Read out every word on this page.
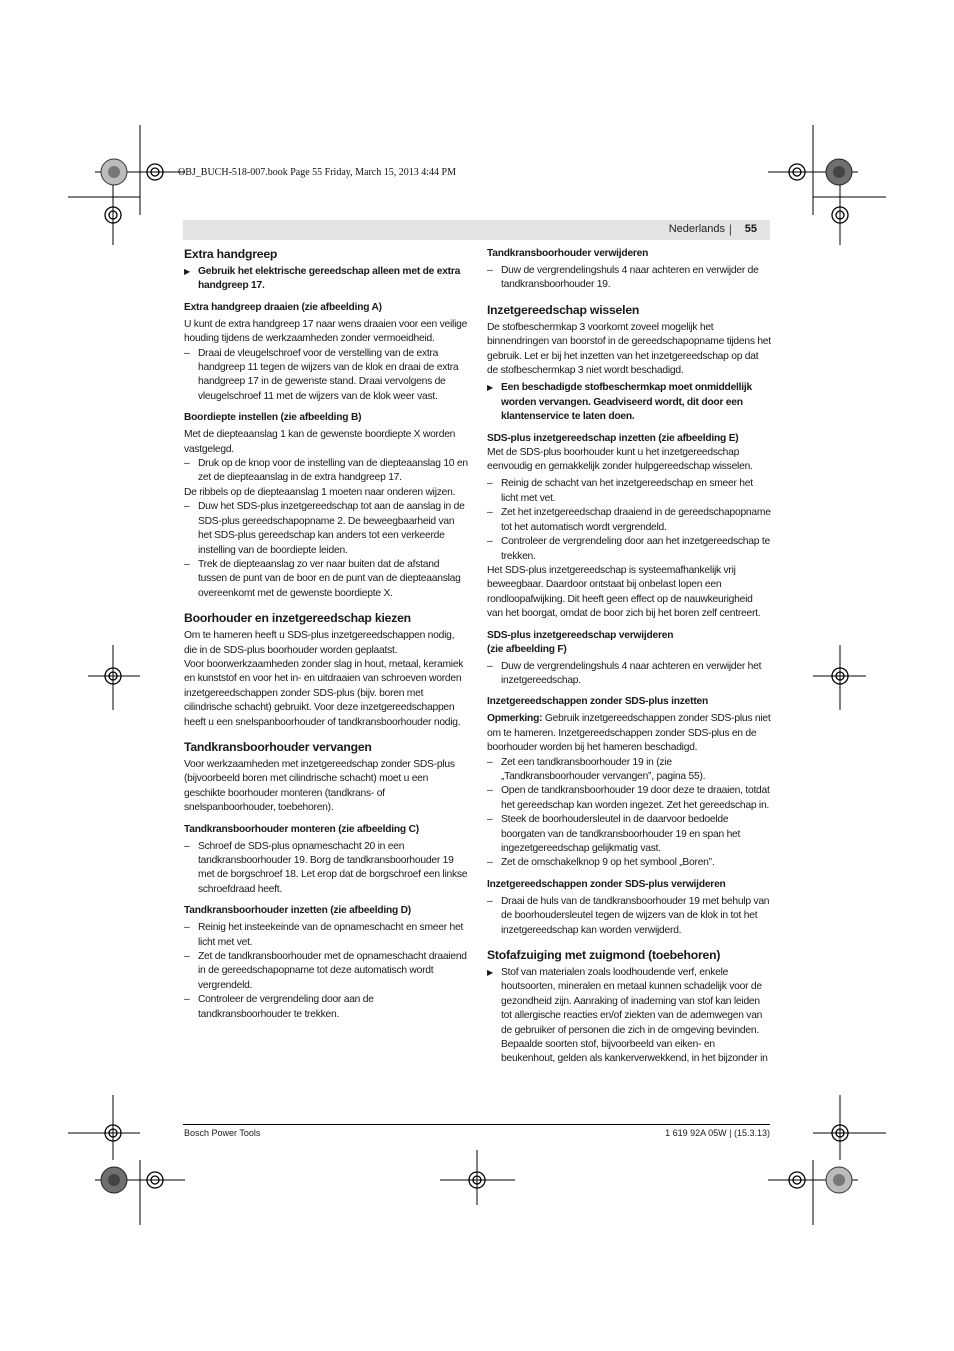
OBJ_BUCH-518-007.book Page 55 Friday, March 15, 2013 4:44 PM
Nederlands | 55
Extra handgreep
▶ Gebruik het elektrische gereedschap alleen met de extra handgreep 17.

Extra handgreep draaien (zie afbeelding A)

U kunt de extra handgreep 17 naar wens draaien voor een veilige houding tijdens de werkzaamheden zonder vermoeidheid.

– Draai de vleugelschroef voor de verstelling van de extra handgreep 11 tegen de wijzers van de klok en draai de extra handgreep 17 in de gewenste stand. Draai vervolgens de vleugelschroef 11 met de wijzers van de klok weer vast.

Boordiepte instellen (zie afbeelding B)

Met de diepteaanslag 1 kan de gewenste boordiepte X worden vastgelegd.

– Druk op de knop voor de instelling van de diepteaanslag 10 en zet de diepteaanslag in de extra handgreep 17.

De ribbels op de diepteaanslag 1 moeten naar onderen wijzen.

– Duw het SDS-plus inzetgereedschap tot aan de aanslag in de SDS-plus gereedschapopname 2. De beweegbaarheid van het SDS-plus gereedschap kan anders tot een verkeerde instelling van de boordiepte leiden.

– Trek de diepteaanslag zo ver naar buiten dat de afstand tussen de punt van de boor en de punt van de diepteaanslag overeenkomt met de gewenste boordiepte X.

Boorhouder en inzetgereedschap kiezen

Om te hameren heeft u SDS-plus inzetgereedschappen nodig, die in de SDS-plus boorhouder worden geplaatst.

Voor boorwerkzaamheden zonder slag in hout, metaal, keramiek en kunststof en voor het in- en uitdraaien van schroeven worden inzetgereedschappen zonder SDS-plus (bijv. boren met cilindrische schacht) gebruikt. Voor deze inzetgereedschappen heeft u een snelspanboorhouder of tandkransboorhouder nodig.

Tandkransboorhouder vervangen

Voor werkzaamheden met inzetgereedschap zonder SDS-plus (bijvoorbeeld boren met cilindrische schacht) moet u een geschikte boorhouder monteren (tandkrans- of snelspanboorhouder, toebehoren).

Tandkransboorhouder monteren (zie afbeelding C)
– Schroef de SDS-plus opnameschacht 20 in een tandkransboorhouder 19. Borg de tandkransboorhouder 19 met de borgschroef 18. Let erop dat de borgschroef een linkse schroefdraad heeft.

Tandkransboorhouder inzetten (zie afbeelding D)
– Reinig het insteekeinde van de opnameschacht en smeer het licht met vet.

– Zet de tandkransboorhouder met de opnameschacht draaiend in de gereedschapopname tot deze automatisch wordt vergrendeld.

– Controleer de vergrendeling door aan de tandkransboorhouder te trekken.

Tandkransboorhouder verwijderen
– Duw de vergrendelingshuls 4 naar achteren en verwijder de tandkransboorhouder 19.

Inzetgereedschap wisselen

De stofbeschermkap 3 voorkomt zoveel mogelijk het binnendringen van boorstof in de gereedschapopname tijdens het gebruik. Let er bij het inzetten van het inzetgereedschap op dat de stofbeschermkap 3 niet wordt beschadigd.

▶ Een beschadigde stofbeschermkap moet onmiddellijk worden vervangen. Geadviseerd wordt, dit door een klantenservice te laten doen.

SDS-plus inzetgereedschap inzetten (zie afbeelding E)

Met de SDS-plus boorhouder kunt u het inzetgereedschap eenvoudig en gemakkelijk zonder hulpgereedschap wisselen.

– Reinig de schacht van het inzetgereedschap en smeer het licht met vet.

– Zet het inzetgereedschap draaiend in de gereedschapopname tot het automatisch wordt vergrendeld.

– Controleer de vergrendeling door aan het inzetgereedschap te trekken.

Het SDS-plus inzetgereedschap is systeemafhankelijk vrij beweegbaar. Daardoor ontstaat bij onbelast lopen een rondloopafwijking. Dit heeft geen effect op de nauwkeurigheid van het boorgat, omdat de boor zich bij het boren zelf centreert.

SDS-plus inzetgereedschap verwijderen
(zie afbeelding F)
– Duw de vergrendelingshuls 4 naar achteren en verwijder het inzetgereedschap.

Inzetgereedschappen zonder SDS-plus inzetten

Opmerking: Gebruik inzetgereedschappen zonder SDS-plus niet om te hameren. Inzetgereedschappen zonder SDS-plus en de boorhouder worden bij het hameren beschadigd.

– Zet een tandkransboorhouder 19 in (zie „Tandkransboorhouder vervangen”, pagina 55).

– Open de tandkransboorhouder 19 door deze te draaien, totdat het gereedschap kan worden ingezet. Zet het gereedschap in.

– Steek de boorhoudersleutel in de daarvoor bedoelde boorgaten van de tandkransboorhouder 19 en span het ingezetgereedschap gelijkmatig vast.

– Zet de omschakelknop 9 op het symbool „Boren”.

Inzetgereedschappen zonder SDS-plus verwijderen
– Draai de huls van de tandkransboorhouder 19 met behulp van de boorhoudersleutel tegen de wijzers van de klok in tot het inzetgereedschap kan worden verwijderd.

Stofafzuiging met zuigmond (toebehoren)
▶ Stof van materialen zoals loodhoudende verf, enkele houtsoorten, mineralen en metaal kunnen schadelijk voor de gezondheid zijn. Aanraking of inademing van stof kan leiden tot allergische reacties en/of ziekten van de ademwegen van de gebruiker of personen die zich in de omgeving bevinden.

Bepaalde soorten stof, bijvoorbeeld van eiken- en beukenhout, gelden als kankerverwekkend, in het bijzonder in

Bosch Power Tools	1 619 92A 05W | (15.3.13)
